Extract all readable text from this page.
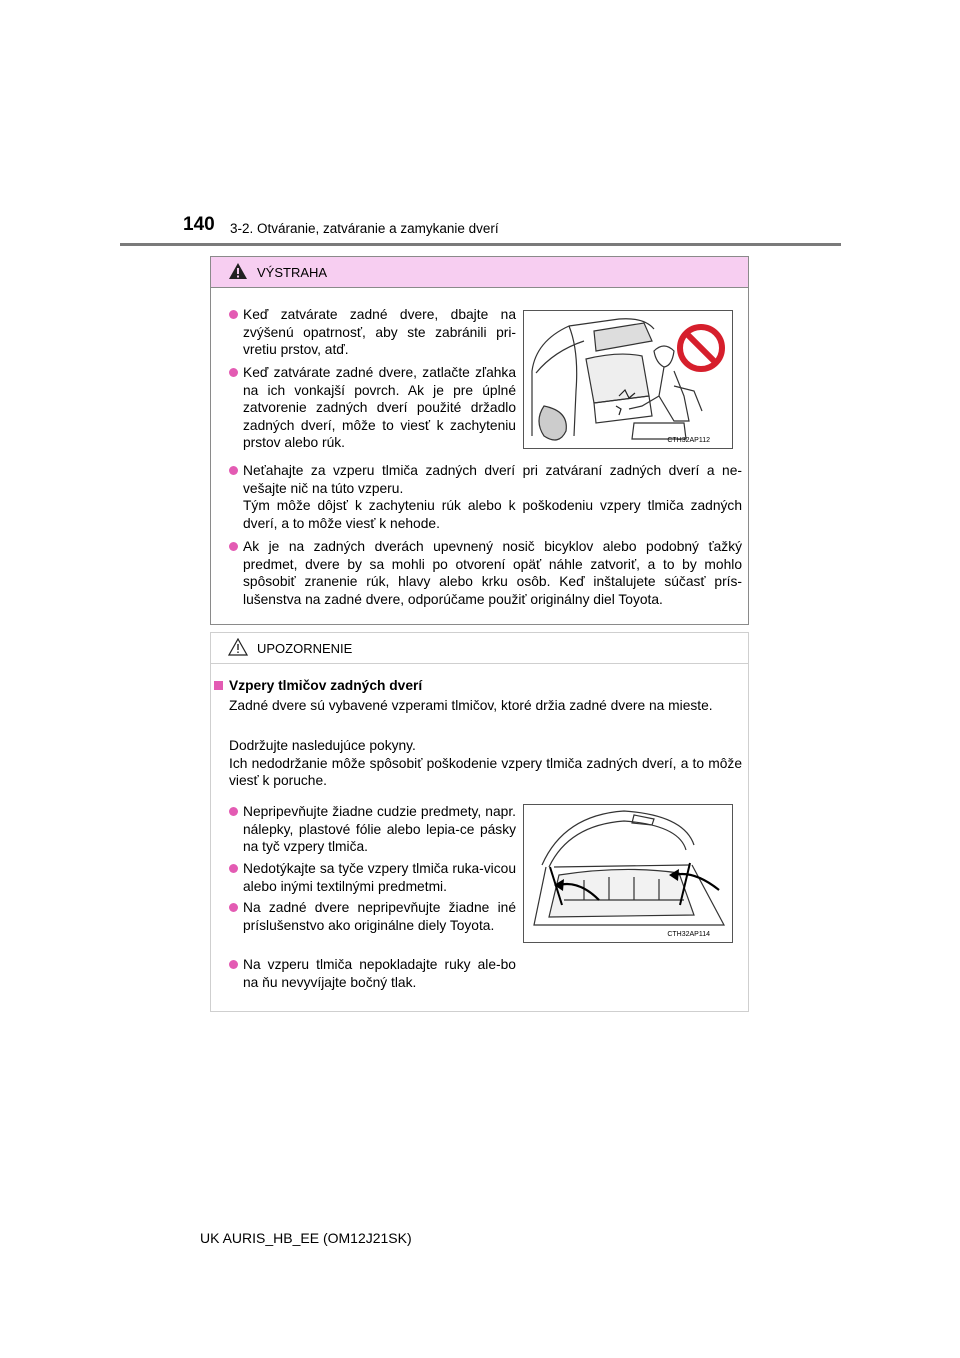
140 3-2. Otváranie, zatváranie a zamykanie dverí
VÝSTRAHA
Keď zatvárate zadné dvere, dbajte na zvýšenú opatrnosť, aby ste zabránili pri-vretiu prstov, atď.
Keď zatvárate zadné dvere, zatlačte zľahka na ich vonkajší povrch. Ak je pre úplné zatvorenie zadných dverí použité držadlo zadných dverí, môže to viesť k zachyteniu prstov alebo rúk.	CTH32AP112
Neťahajte za vzperu tlmiča zadných dverí pri zatváraní zadných dverí a ne-vešajte nič na túto vzperu.
Tým môže dôjsť k zachyteniu rúk alebo k poškodeniu vzpery tlmiča zadných dverí, a to môže viesť k nehode.
Ak je na zadných dverách upevnený nosič bicyklov alebo podobný ťažký predmet, dvere by sa mohli po otvorení opäť náhle zatvoriť, a to by mohlo spôsobiť zranenie rúk, hlavy alebo krku osôb. Keď inštalujete súčasť prís-lušenstva na zadné dvere, odporúčame použiť originálny diel Toyota.
UPOZORNENIE
Vzpery tlmičov zadných dverí
Zadné dvere sú vybavené vzperami tlmičov, ktoré držia zadné dvere na mieste.
Dodržujte nasledujúce pokyny.
Ich nedodržanie môže spôsobiť poškodenie vzpery tlmiča zadných dverí, a to môže viesť k poruche.
Nepripevňujte žiadne cudzie predmety, napr. nálepky, plastové fólie alebo lepia-ce pásky na tyč vzpery tlmiča.
Nedotýkajte sa tyče vzpery tlmiča ruka-vicou alebo inými textilnými predmetmi.
Na zadné dvere nepripevňujte žiadne iné príslušenstvo ako originálne diely Toyota.
Na vzperu tlmiča nepokladajte ruky ale-bo na ňu nevyvíjajte bočný tlak.
CTH32AP114
UK AURIS_HB_EE (OM12J21SK)
